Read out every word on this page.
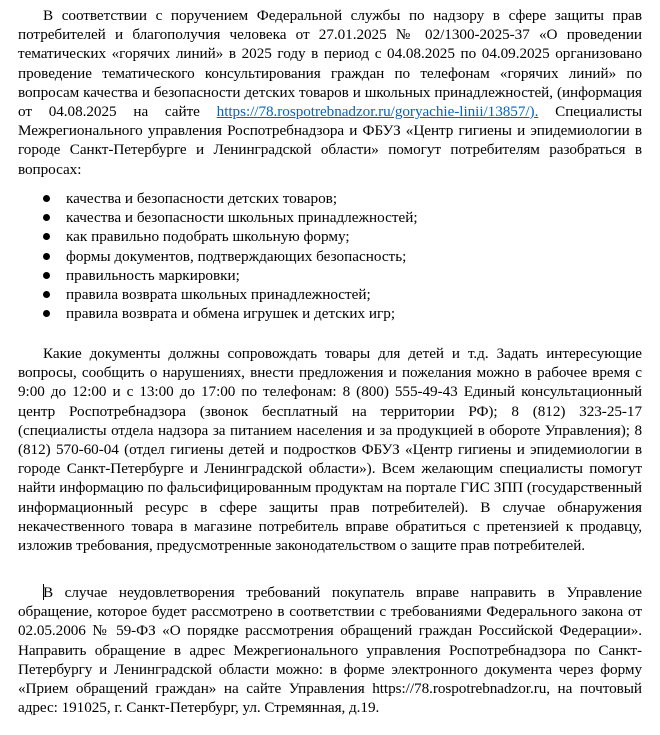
В соответствии с поручением Федеральной службы по надзору в сфере защиты прав потребителей и благополучия человека от 27.01.2025 № 02/1300-2025-37 «О проведении тематических «горячих линий» в 2025 году в период с 04.08.2025 по 04.09.2025 организовано проведение тематического консультирования граждан по телефонам «горячих линий» по вопросам качества и безопасности детских товаров и школьных принадлежностей, (информация от 04.08.2025 на сайте https://78.rospotrebnadzor.ru/goryachie-linii/13857/). Специалисты Межрегионального управления Роспотребнадзора и ФБУЗ «Центр гигиены и эпидемиологии в городе Санкт-Петербурге и Ленинградской области» помогут потребителям разобраться в вопросах:

качества и безопасности детских товаров;
качества и безопасности школьных принадлежностей;
как правильно подобрать школьную форму;
формы документов, подтверждающих безопасность;
правильность маркировки;
правила возврата школьных принадлежностей;
правила возврата и обмена игрушек и детских игр;

Какие документы должны сопровождать товары для детей и т.д. Задать интересующие вопросы, сообщить о нарушениях, внести предложения и пожелания можно в рабочее время с 9:00 до 12:00 и с 13:00 до 17:00 по телефонам: 8 (800) 555-49-43 Единый консультационный центр Роспотребнадзора (звонок бесплатный на территории РФ); 8 (812) 323-25-17 (специалисты отдела надзора за питанием населения и за продукцией в обороте Управления); 8 (812) 570-60-04 (отдел гигиены детей и подростков ФБУЗ «Центр гигиены и эпидемиологии в городе Санкт-Петербурге и Ленинградской области»). Всем желающим специалисты помогут найти информацию по фальсифицированным продуктам на портале ГИС ЗПП (государственный информационный ресурс в сфере защиты прав потребителей). В случае обнаружения некачественного товара в магазине потребитель вправе обратиться с претензией к продавцу, изложив требования, предусмотренные законодательством о защите прав потребителей.

В случае неудовлетворения требований покупатель вправе направить в Управление обращение, которое будет рассмотрено в соответствии с требованиями Федерального закона от 02.05.2006 № 59-ФЗ «О порядке рассмотрения обращений граждан Российской Федерации». Направить обращение в адрес Межрегионального управления Роспотребнадзора по Санкт-Петербургу и Ленинградской области можно: в форме электронного документа через форму «Прием обращений граждан» на сайте Управления https://78.rospotrebnadzor.ru, на почтовый адрес: 191025, г. Санкт-Петербург, ул. Стремянная, д.19.
